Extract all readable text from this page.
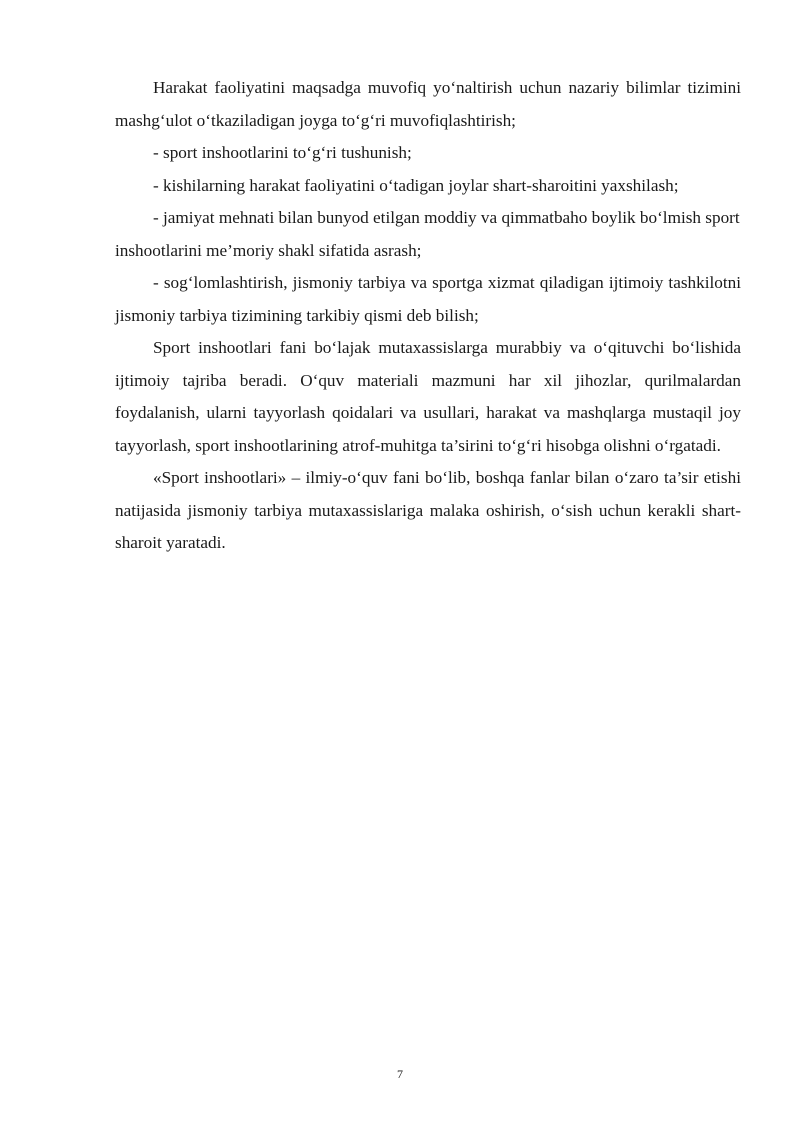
Harakat faoliyatini maqsadga muvofiq yo‘naltirish uchun nazariy bilimlar tizimini mashg‘ulot o‘tkaziladigan joyga to‘g‘ri muvofiqlashtirish;

- sport inshootlarini to‘g‘ri tushunish;

- kishilarning harakat faoliyatini o‘tadigan joylar shart-sharoitini yaxshilash;

- jamiyat mehnati bilan bunyod etilgan moddiy va qimmatbaho boylik bo‘lmish sport inshootlarini me’moriy shakl sifatida asrash;

- sog‘lomlashtirish, jismoniy tarbiya va sportga xizmat qiladigan ijtimoiy tashkilotni jismoniy tarbiya tizimining tarkibiy qismi deb bilish;

Sport inshootlari fani bo‘lajak mutaxassislarga murabbiy va o‘qituvchi bo‘lishida ijtimoiy tajriba beradi. O‘quv materiali mazmuni har xil jihozlar, qurilmalardan foydalanish, ularni tayyorlash qoidalari va usullari, harakat va mashqlarga mustaqil joy tayyorlash, sport inshootlarining atrof-muhitga ta’sirini to‘g‘ri hisobga olishni o‘rgatadi.

«Sport inshootlari» – ilmiy-o‘quv fani bo‘lib, boshqa fanlar bilan o‘zaro ta’sir etishi natijasida jismoniy tarbiya mutaxassislariga malaka oshirish, o‘sish uchun kerakli shart-sharoit yaratadi.

7
